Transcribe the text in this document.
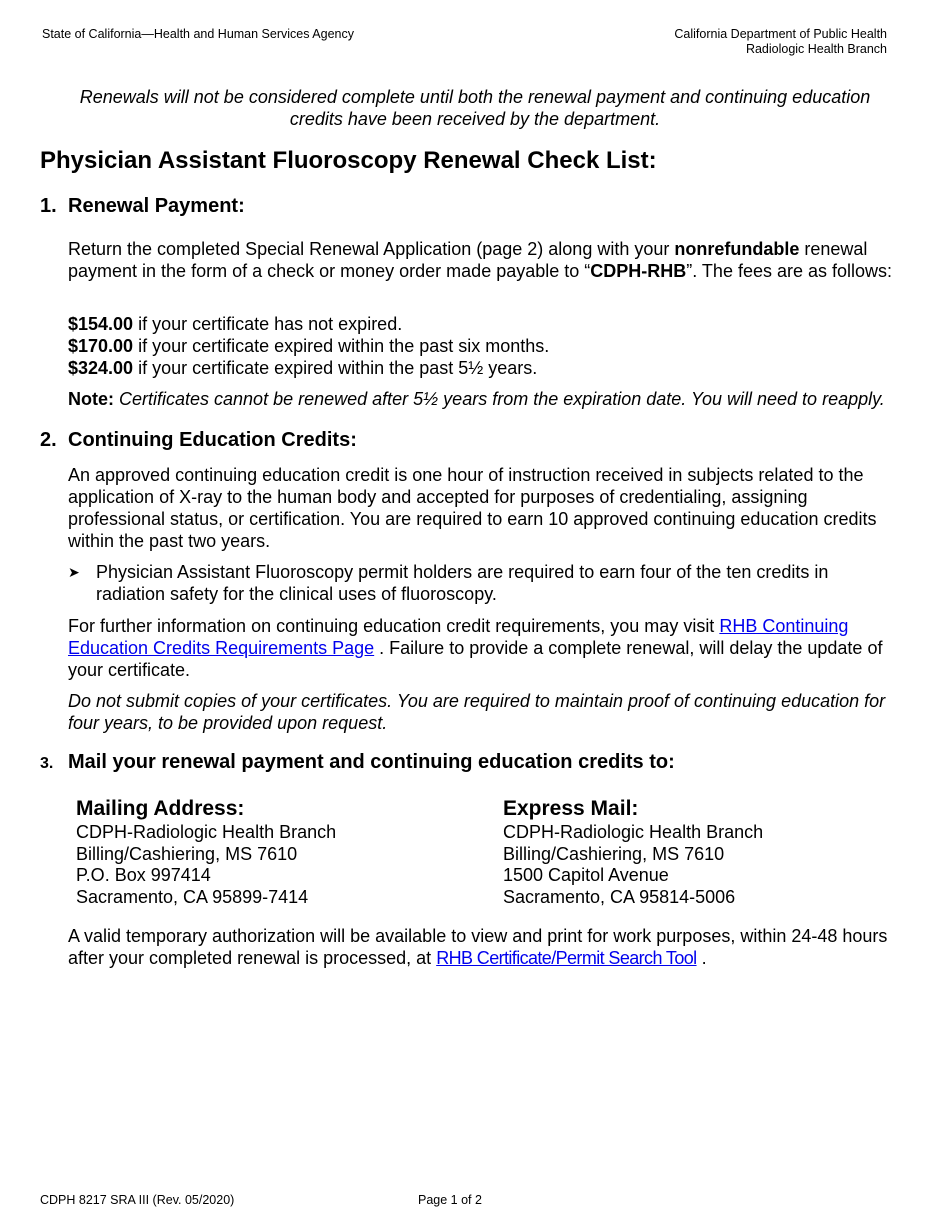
State of California—Health and Human Services Agency	California Department of Public Health
Radiologic Health Branch
Renewals will not be considered complete until both the renewal payment and continuing education credits have been received by the department.
Physician Assistant Fluoroscopy Renewal Check List:
1. Renewal Payment:
Return the completed Special Renewal Application (page 2) along with your nonrefundable renewal payment in the form of a check or money order made payable to “CDPH-RHB”. The fees are as follows:
$154.00 if your certificate has not expired.
$170.00 if your certificate expired within the past six months.
$324.00 if your certificate expired within the past 5½ years.
Note: Certificates cannot be renewed after 5½ years from the expiration date. You will need to reapply.
2. Continuing Education Credits:
An approved continuing education credit is one hour of instruction received in subjects related to the application of X-ray to the human body and accepted for purposes of credentialing, assigning professional status, or certification. You are required to earn 10 approved continuing education credits within the past two years.
➤ Physician Assistant Fluoroscopy permit holders are required to earn four of the ten credits in radiation safety for the clinical uses of fluoroscopy.
For further information on continuing education credit requirements, you may visit RHB Continuing Education Credits Requirements Page . Failure to provide a complete renewal, will delay the update of your certificate.
Do not submit copies of your certificates. You are required to maintain proof of continuing education for four years, to be provided upon request.
3. Mail your renewal payment and continuing education credits to:
Mailing Address:
CDPH-Radiologic Health Branch
Billing/Cashiering, MS 7610
P.O. Box 997414
Sacramento, CA 95899-7414
Express Mail:
CDPH-Radiologic Health Branch
Billing/Cashiering, MS 7610
1500 Capitol Avenue
Sacramento, CA 95814-5006
A valid temporary authorization will be available to view and print for work purposes, within 24-48 hours after your completed renewal is processed, at RHB Certificate/Permit Search Tool .
CDPH 8217 SRA III (Rev. 05/2020)	Page 1 of 2
